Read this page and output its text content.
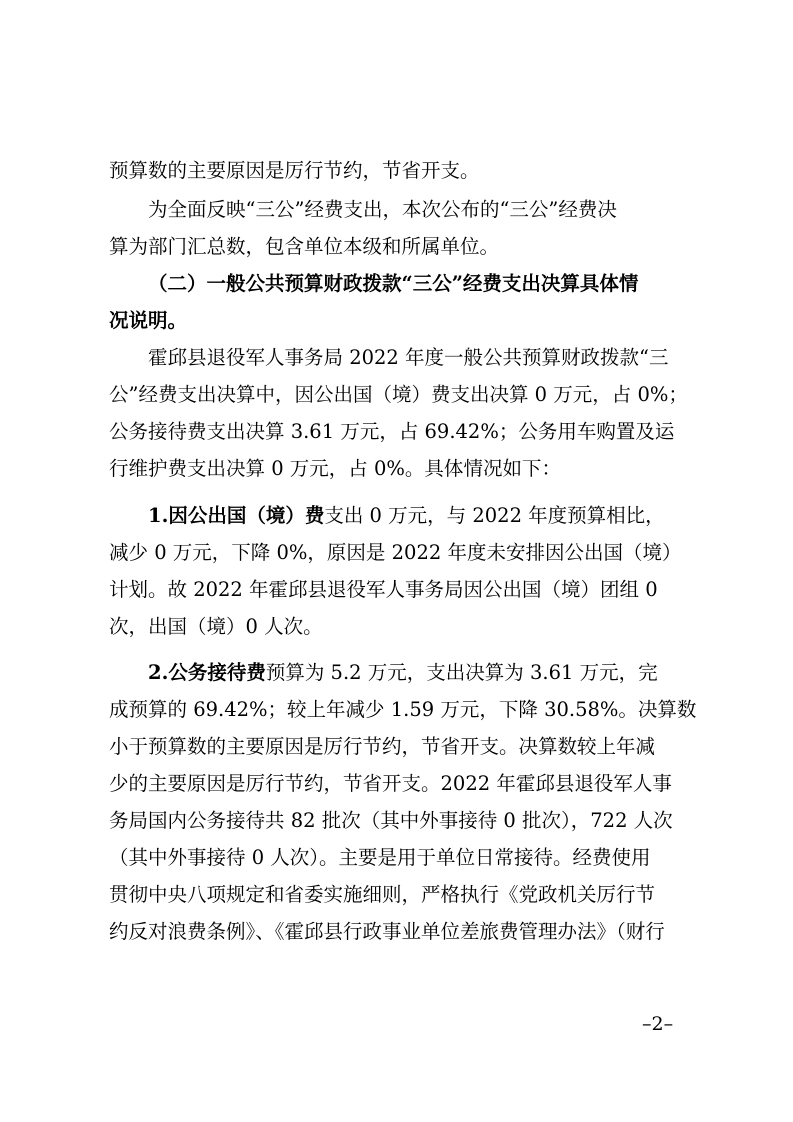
预算数的主要原因是厉行节约，节省开支。
为全面反映“三公”经费支出，本次公布的“三公”经费决
算为部门汇总数，包含单位本级和所属单位。
（二）一般公共预算财政拨款“三公”经费支出决算具体情
况说明。
霍邱县退役军人事务局 2022 年度一般公共预算财政拨款“三
公”经费支出决算中，因公出国（境）费支出决算 0 万元，占 0%；
公务接待费支出决算 3.61 万元，占 69.42%；公务用车购置及运
行维护费支出决算 0 万元，占 0%。具体情况如下：
1.因公出国（境）费支出 0 万元，与 2022 年度预算相比，
减少 0 万元，下降 0%，原因是 2022 年度未安排因公出国（境）
计划。故 2022 年霍邱县退役军人事务局因公出国（境）团组 0
次，出国（境）0 人次。
2.公务接待费预算为 5.2 万元，支出决算为 3.61 万元，完
成预算的 69.42%；较上年减少 1.59 万元，下降 30.58%。决算数
小于预算数的主要原因是厉行节约，节省开支。决算数较上年减
少的主要原因是厉行节约，节省开支。2022 年霍邱县退役军人事
务局国内公务接待共 82 批次（其中外事接待 0 批次），722 人次
（其中外事接待 0 人次）。主要是用于单位日常接待。经费使用
贯彻中央八项规定和省委实施细则，严格执行《党政机关厉行节
约反对浪费条例》、《霍邱县行政事业单位差旅费管理办法》（财行
–2–
